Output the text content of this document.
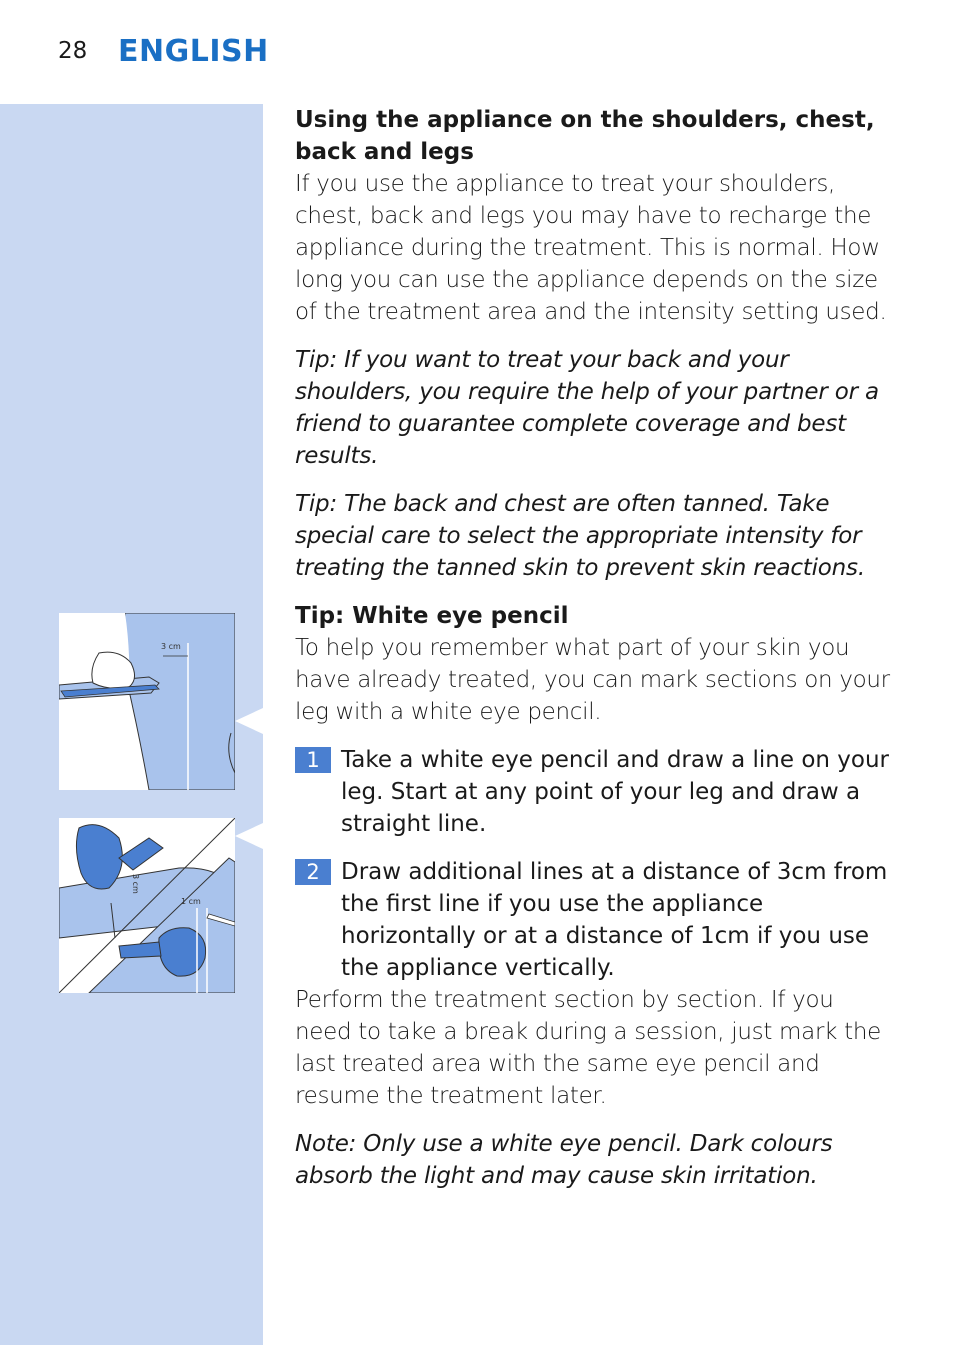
28 ENGLISH
3 cm
3 cm
1 cm

Using the appliance on the shoulders, chest, back and legs

If you use the appliance to treat your shoulders, chest, back and legs you may have to recharge the appliance during the treatment. This is normal. How long you can use the appliance depends on the size of the treatment area and the intensity setting used.

Tip: If you want to treat your back and your shoulders, you require the help of your partner or a friend to guarantee complete coverage and best results.

Tip: The back and chest are often tanned. Take special care to select the appropriate intensity for treating the tanned skin to prevent skin reactions.

Tip: White eye pencil

To help you remember what part of your skin you have already treated, you can mark sections on your leg with a white eye pencil.

1 Take a white eye pencil and draw a line on your leg. Start at any point of your leg and draw a straight line.
2 Draw additional lines at a distance of 3cm from the first line if you use the appliance horizontally or at a distance of 1cm if you use the appliance vertically.

Perform the treatment section by section. If you need to take a break during a session, just mark the last treated area with the same eye pencil and resume the treatment later.

Note: Only use a white eye pencil. Dark colours absorb the light and may cause skin irritation.
